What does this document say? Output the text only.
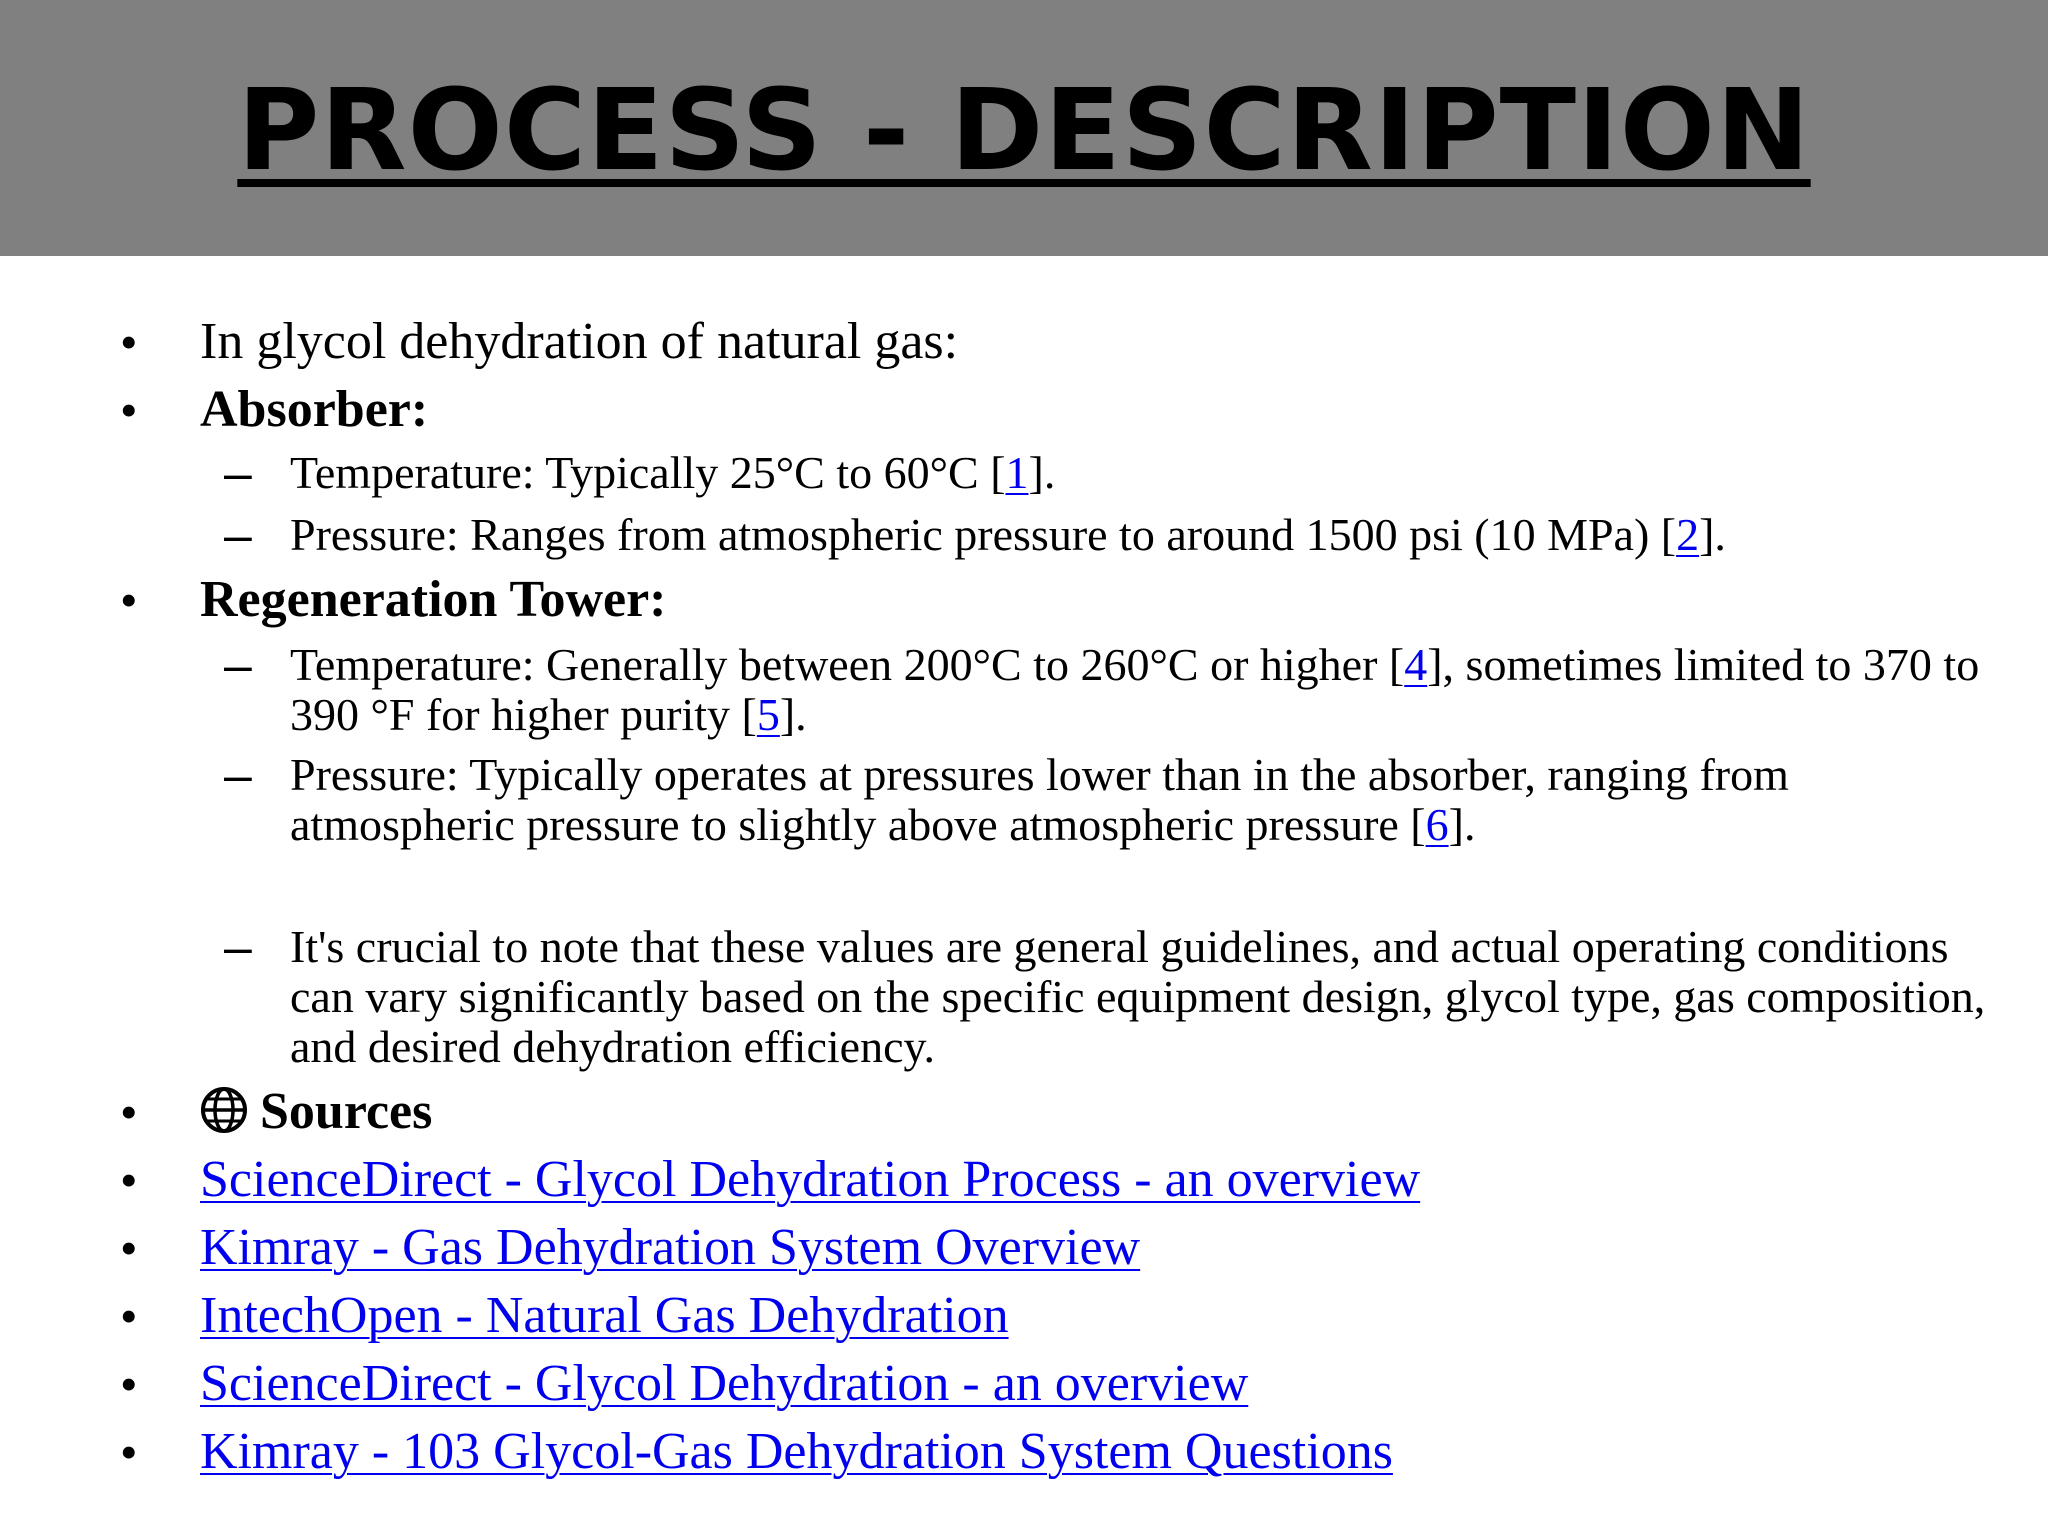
PROCESS - DESCRIPTION
• In glycol dehydration of natural gas:
• Absorber:
– Temperature: Typically 25°C to 60°C [1].
– Pressure: Ranges from atmospheric pressure to around 1500 psi (10 MPa) [2].
• Regeneration Tower:
– Temperature: Generally between 200°C to 260°C or higher [4], sometimes limited to 370 to 390 °F for higher purity [5].
– Pressure: Typically operates at pressures lower than in the absorber, ranging from atmospheric pressure to slightly above atmospheric pressure [6].
– It's crucial to note that these values are general guidelines, and actual operating conditions can vary significantly based on the specific equipment design, glycol type, gas composition, and desired dehydration efficiency.
•	Sources
• ScienceDirect - Glycol Dehydration Process - an overview
• Kimray - Gas Dehydration System Overview
• IntechOpen - Natural Gas Dehydration
• ScienceDirect - Glycol Dehydration - an overview
• Kimray - 103 Glycol-Gas Dehydration System Questions
